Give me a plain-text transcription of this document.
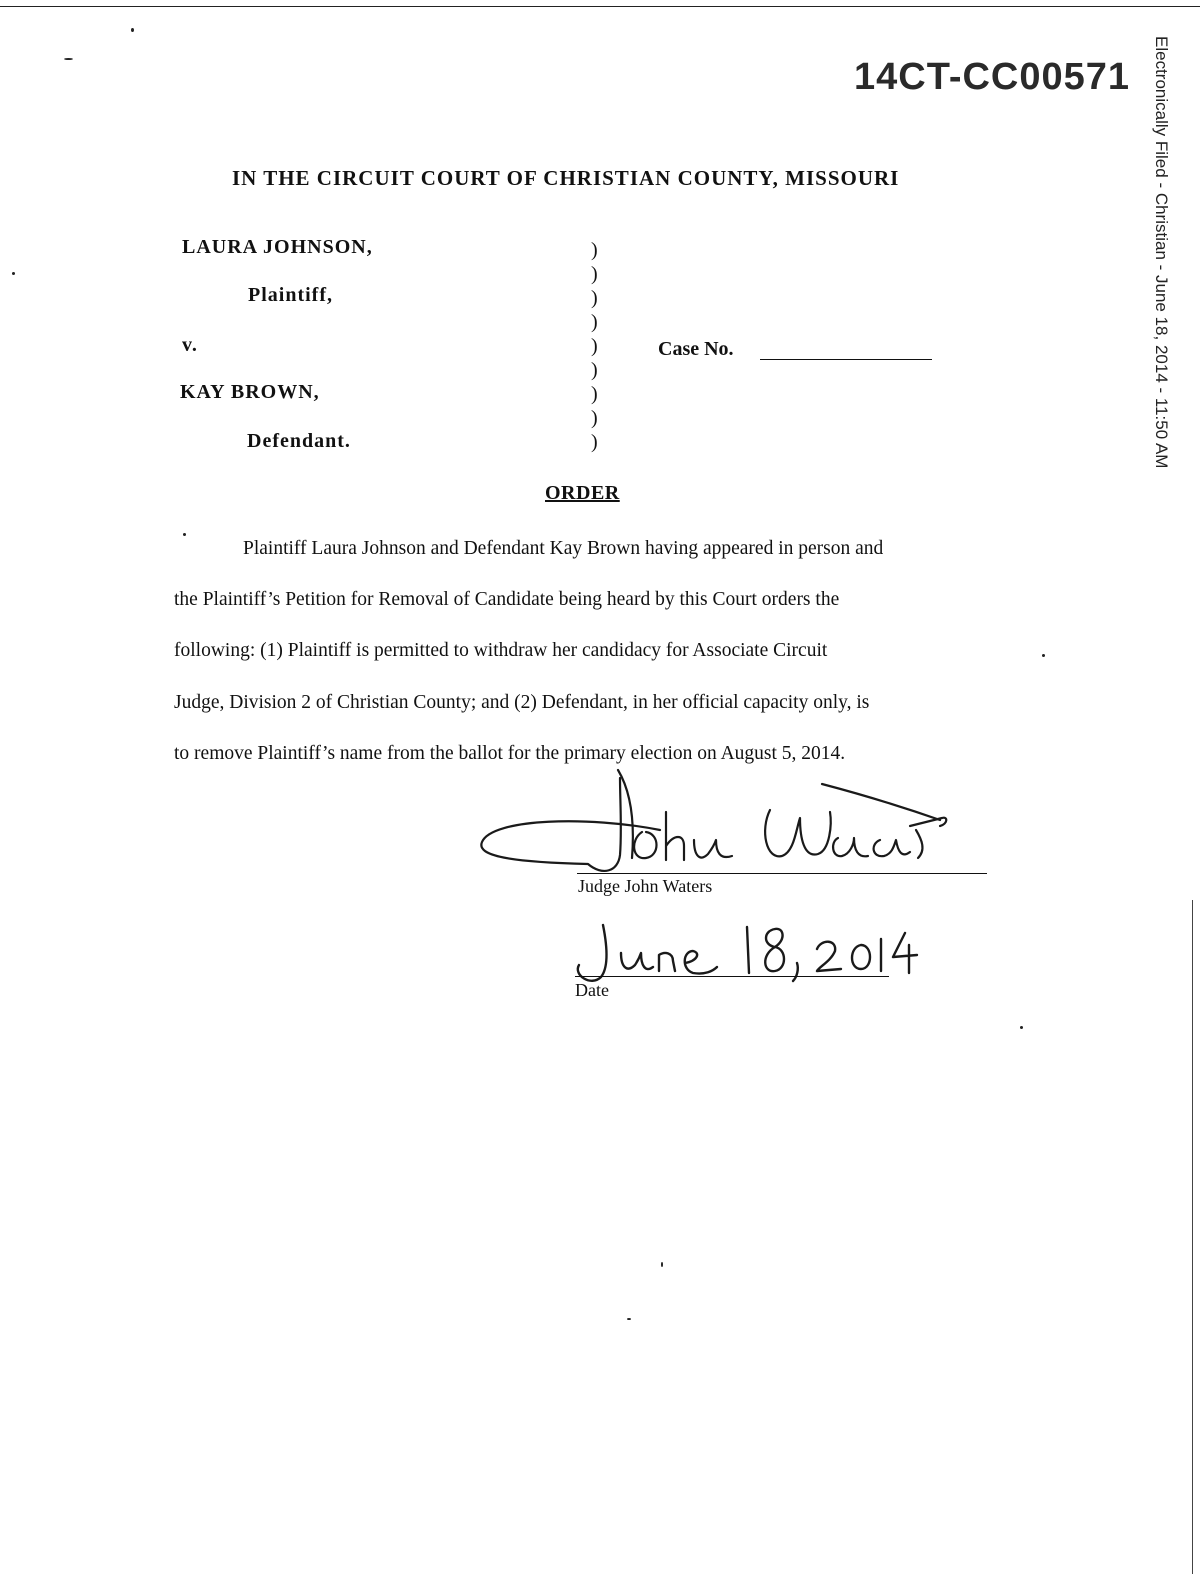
14CT-CC00571 Electronically Filed - Christian - June 18, 2014 - 11:50 AM
IN THE CIRCUIT COURT OF CHRISTIAN COUNTY, MISSOURI
LAURA JOHNSON,
Plaintiff,
v.
KAY BROWN,
Defendant.
)
)
)
)
)
)
)
)
)
Case No.
ORDER
Plaintiff Laura Johnson and Defendant Kay Brown having appeared in person and
the Plaintiff’s Petition for Removal of Candidate being heard by this Court orders the
following: (1) Plaintiff is permitted to withdraw her candidacy for Associate Circuit
Judge, Division 2 of Christian County; and (2) Defendant, in her official capacity only, is
to remove Plaintiff’s name from the ballot for the primary election on August 5, 2014.
Judge John Waters
Date
